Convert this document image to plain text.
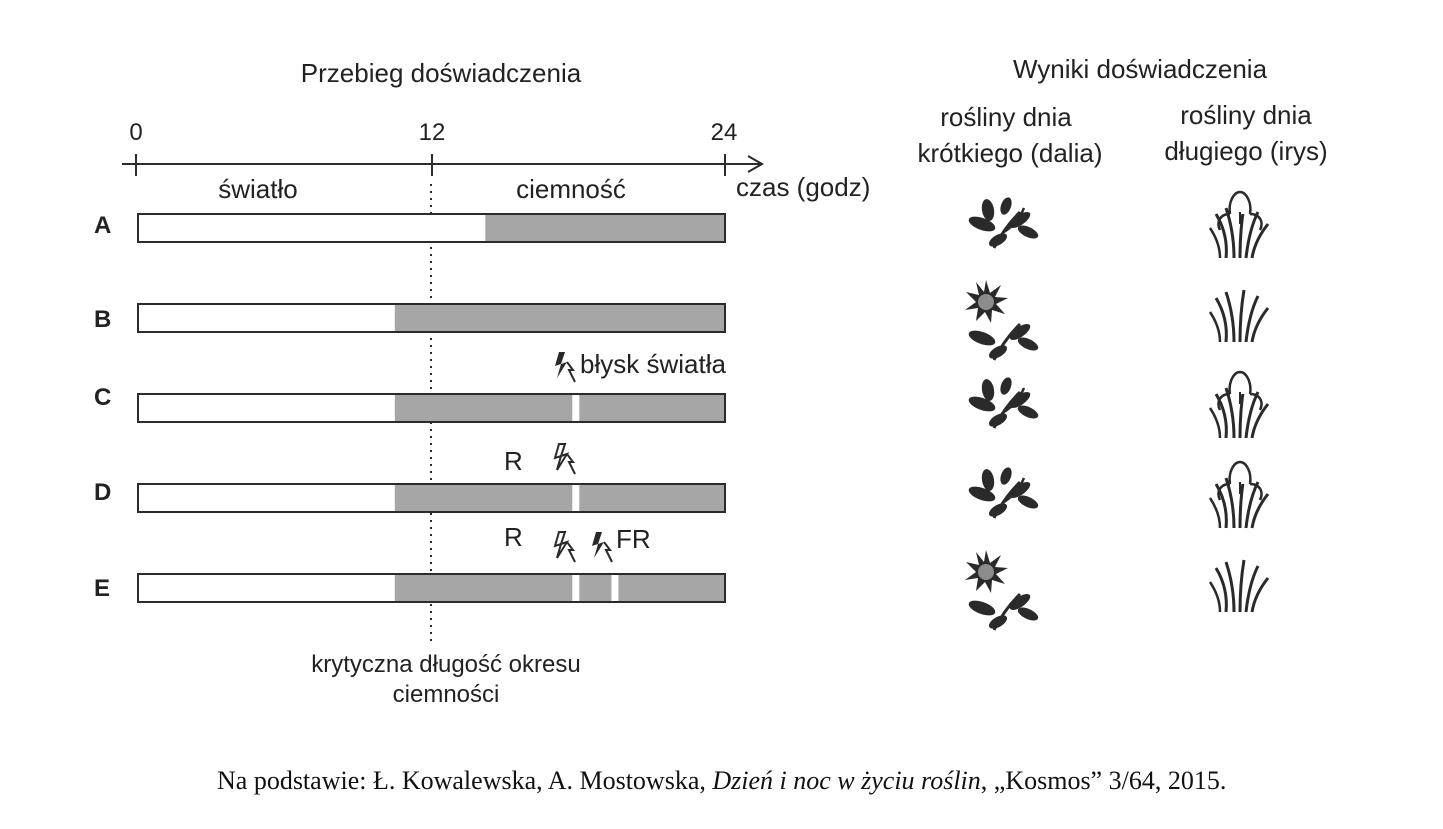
Przebieg doświadczenia	Wyniki doświadczenia
rośliny dnia
krótkiego (dalia)
rośliny dnia
długiego (irys)
0	12	24
czas (godz)
światło	ciemność
krytyczna długość okresu
ciemności
A
B
C
D
E
błysk światła
R
R	FR
Na podstawie: Ł. Kowalewska, A. Mostowska, Dzień i noc w życiu roślin, „Kosmos” 3/64, 2015.
